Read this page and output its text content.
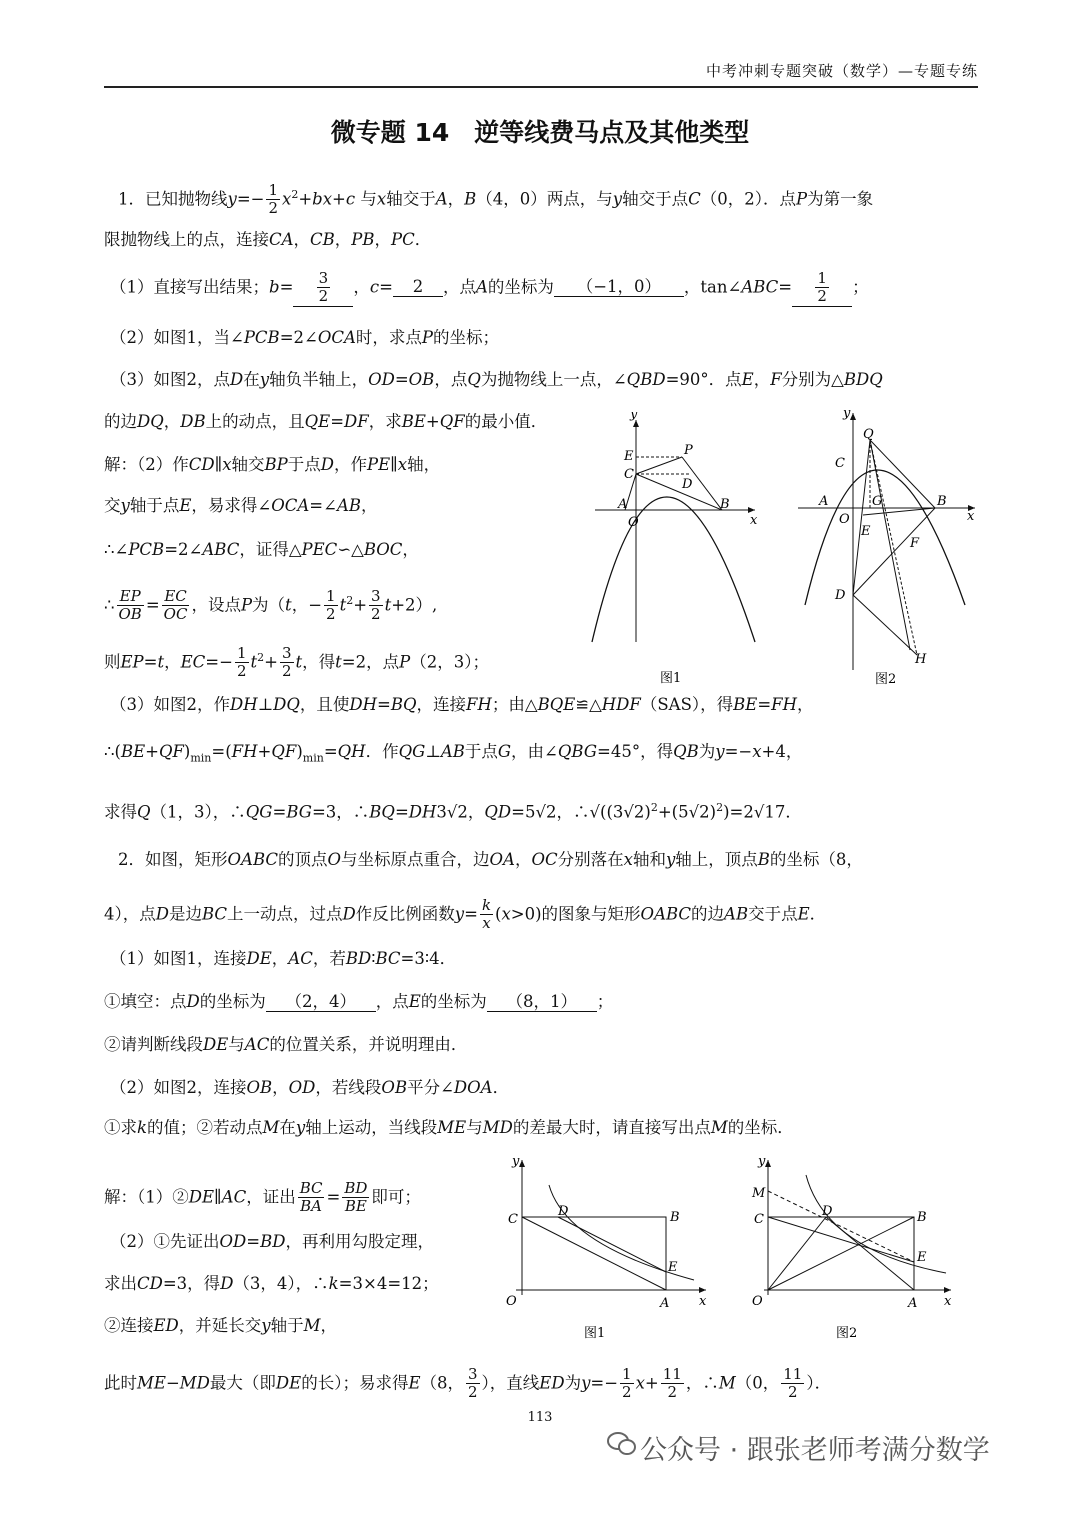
中考冲刺专题突破（数学）—专题专练
微专题 14　逆等线费马点及其他类型
1．已知抛物线$y=- \frac{1}{2} x^2+bx+c$ 与x轴交于A，B（4，0）两点，与y轴交于点C（0，2）．点P为第一象
限抛物线上的点，连接CA，CB，PB，PC．
（1）直接写出结果；$b= \frac{3}{2}$ ，c= 2 ，点A的坐标为 （−1，0） ，tan∠ABC= $\frac{1}{2}$ ；
（2）如图1，当∠PCB=2∠OCA时，求点P的坐标；
（3）如图2，点D在y轴负半轴上，OD=OB，点Q为抛物线上一点，∠QBD=90°．点E，F分别为△BDQ
的边DQ，DB上的动点，且QE=DF，求BE+QF的最小值．
解：（2）作CD∥x轴交BP于点D，作PE∥x轴，
交y轴于点E，易求得∠OCA=∠AB，
∴∠PCB=2∠ABC，证得△PEC∽△BOC，
∴ $\frac{EP}{OB} = \frac{EC}{OC}$ ，设点P为（t，− $\frac{1}{2} t^2+ \frac{3}{2} t+2$）,
则EP=t，$EC=- \frac{1}{2} t^2+ \frac{3}{2}$ t，得t=2，点P（2，3）；
（3）如图2，作DH⊥DQ，且使DH=BQ，连接FH；由△BQE≌△HDF（SAS），得BE=FH，
$\therefore(BE+QF)_{min}=(FH+QF)_{min}=QH$．作QG⊥AB于点G，由∠QBG=45°，得QB为y=−x+4，
求得Q（1，3），∴QG=BG=3，∴BQ=DH3√2，QD=5√2，$\therefore√((3√2)^2+(5√2)^2)=2√17$．
y
x
O
A	B
C
E	P
D
图1
y
x
O
A	B
C
Q
G
E
F
D
H
图2
2．如图，矩形OABC的顶点O与坐标原点重合，边OA，OC分别落在x轴和y轴上，顶点B的坐标（8，
4），点D是边BC上一动点，过点D作反比例函数$y= \frac{k}{x} (x>0)$的图象与矩形OABC的边AB交于点E．
（1）如图1，连接DE，AC，若BD∶BC=3∶4．
①填空：点D的坐标为 （2，4） ，点E的坐标为 （8，1） ；
②请判断线段DE与AC的位置关系，并说明理由．
（2）如图2，连接OB，OD，若线段OB平分∠DOA．
①求k的值；②若动点M在y轴上运动，当线段ME与MD的差最大时，请直接写出点M的坐标．
解：（1）②DE∥AC，证出 $\frac{BC}{BA} = \frac{BD}{BE}$ 即可；
（2）①先证出OD=BD，再利用勾股定理，
求出CD=3，得D（3，4），∴k=3×4=12；
②连接ED，并延长交y轴于M，
此时ME−MD最大（即DE的长）；易求得E（8， $\frac{3}{2}$ ），直线ED为$y=- \frac{1}{2} x+ \frac{11}{2}$ ，∴M（0， $\frac{11}{2}$ ）．
y
x
O
C
D	B
E
A
图1
y
x
O
M
C
D	B
E
A
图2
113
公众号 · 跟张老师考满分数学
